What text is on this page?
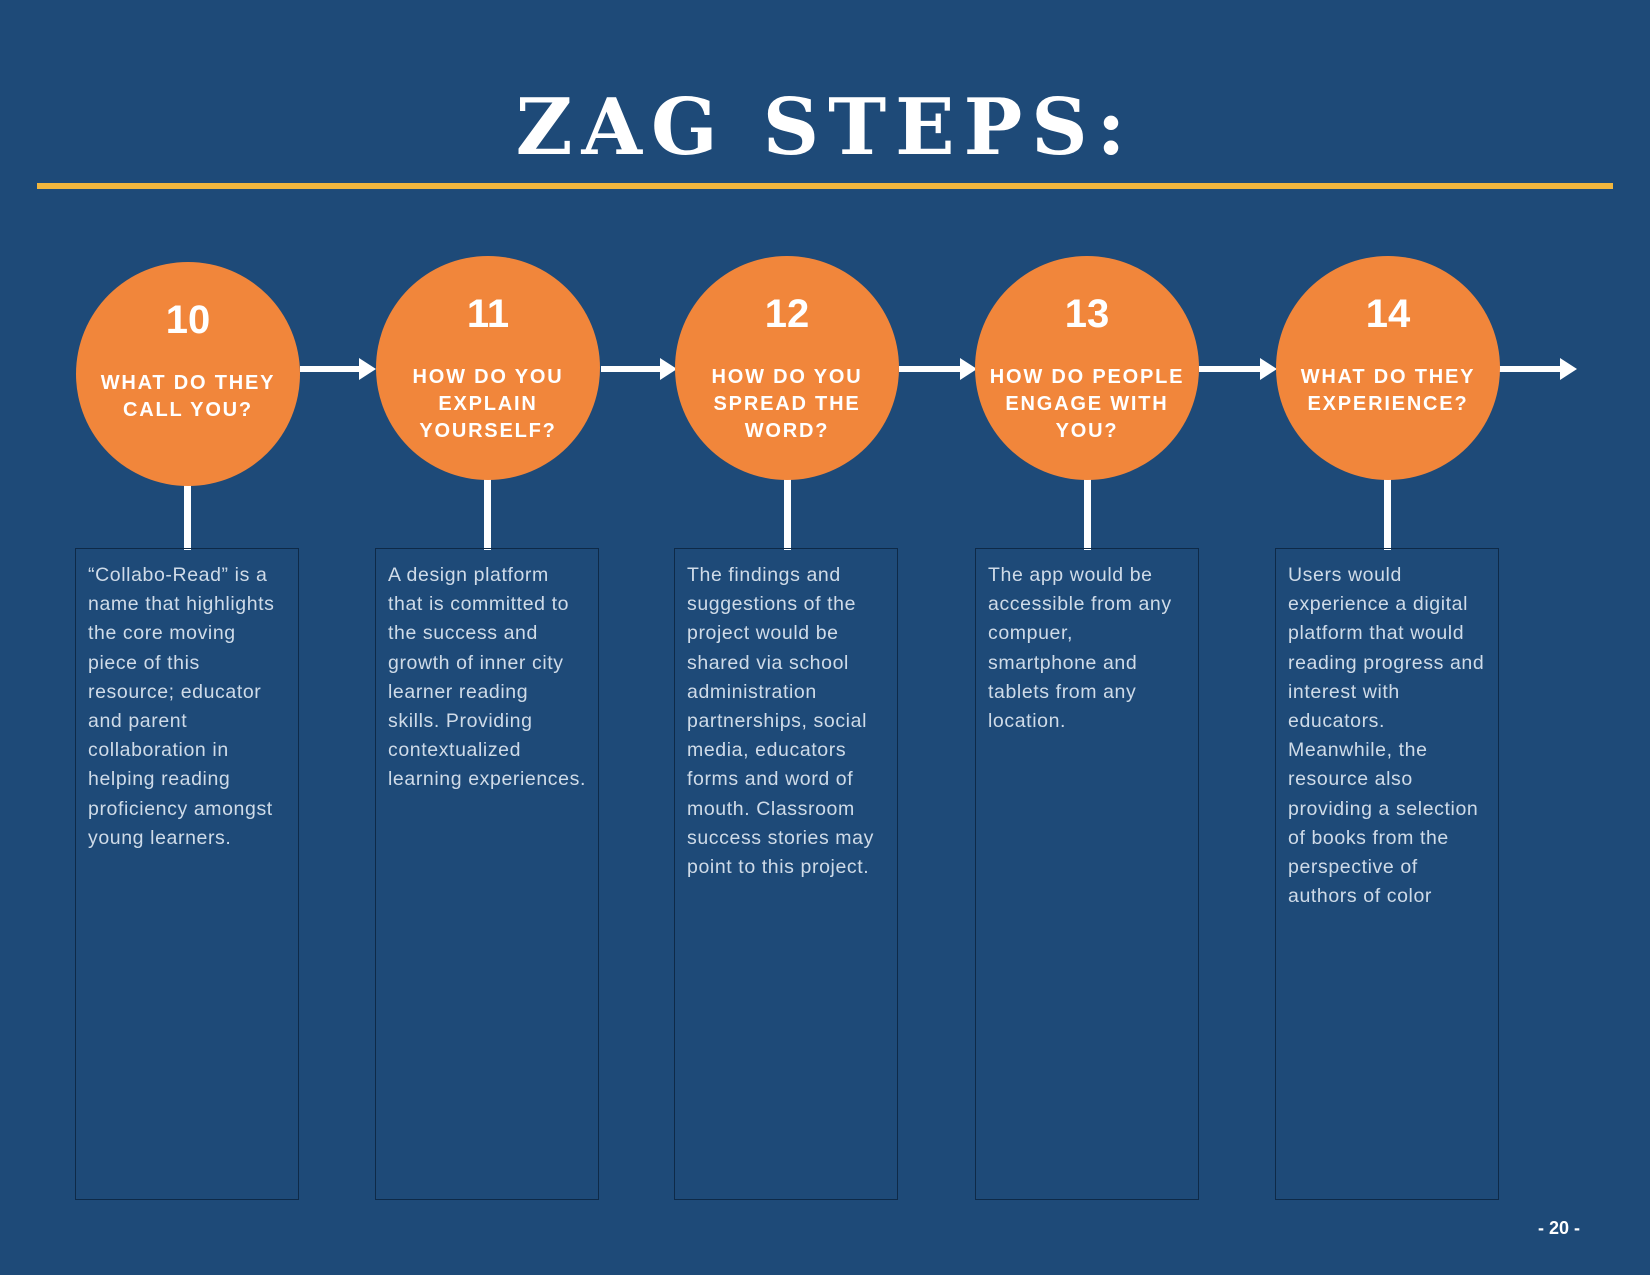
ZAG STEPS:
10
WHAT DO THEY CALL YOU?
“Collabo-Read” is a name that highlights the core moving piece of this resource; educator and parent collaboration in helping reading proficiency amongst young learners.
11
HOW DO YOU EXPLAIN YOURSELF?
A design platform that is committed to the success and growth of inner city learner reading skills. Providing contextualized learning experiences.
12
HOW DO YOU SPREAD THE WORD?
The findings and suggestions of the project would be shared via school administration partnerships, social media, educators forms and word of mouth. Classroom success stories may point to this project.
13
HOW DO PEOPLE ENGAGE WITH YOU?
The app would be accessible from any compuer, smartphone and tablets from any location.
14
WHAT DO THEY EXPERIENCE?
Users would experience a digital platform that would reading progress and interest with educators. Meanwhile, the resource also providing a selection of books from the perspective of authors of color
- 20 -
